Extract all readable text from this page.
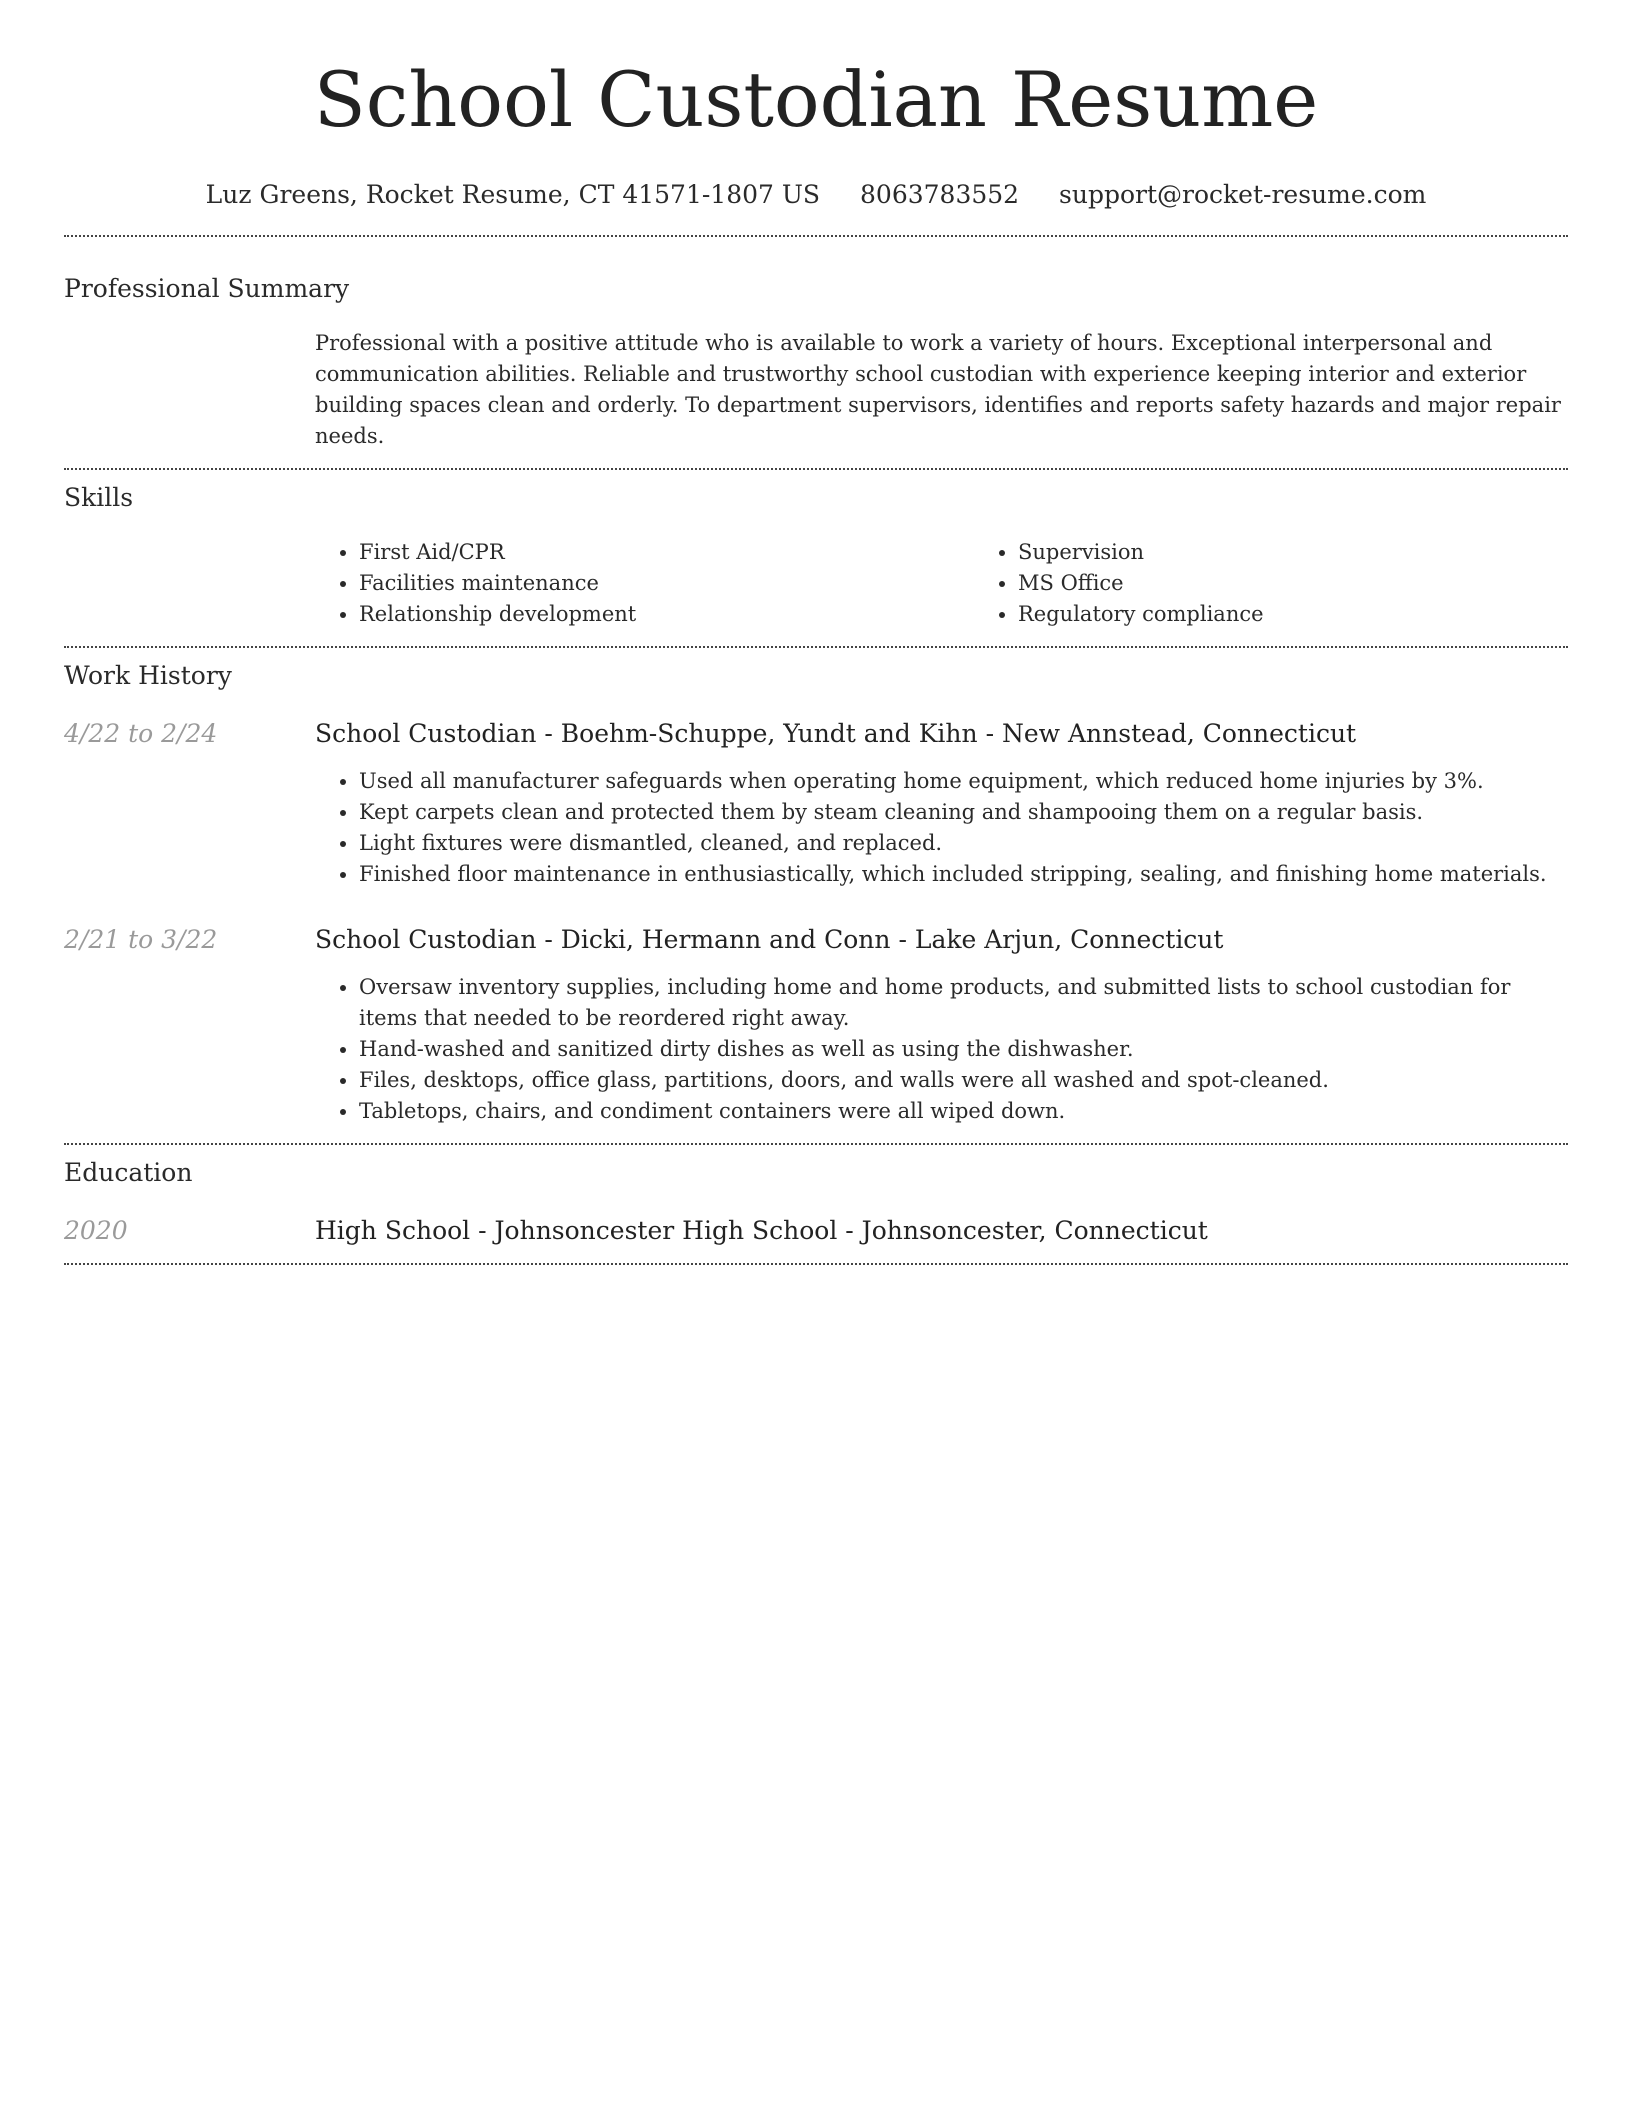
School Custodian Resume
Luz Greens, Rocket Resume, CT 41571-1807 US 8063783552 support@rocket-resume.com
Professional Summary
Professional with a positive attitude who is available to work a variety of hours. Exceptional interpersonal and communication abilities. Reliable and trustworthy school custodian with experience keeping interior and exterior building spaces clean and orderly. To department supervisors, identifies and reports safety hazards and major repair needs.
Skills
• First Aid/CPR
• Facilities maintenance
• Relationship development
• Supervision
• MS Office
• Regulatory compliance
Work History
4/22 to 2/24	School Custodian - Boehm-Schuppe, Yundt and Kihn - New Annstead, Connecticut
• Used all manufacturer safeguards when operating home equipment, which reduced home injuries by 3%.
• Kept carpets clean and protected them by steam cleaning and shampooing them on a regular basis.
• Light fixtures were dismantled, cleaned, and replaced.
• Finished floor maintenance in enthusiastically, which included stripping, sealing, and finishing home materials.
2/21 to 3/22	School Custodian - Dicki, Hermann and Conn - Lake Arjun, Connecticut
• Oversaw inventory supplies, including home and home products, and submitted lists to school custodian for items that needed to be reordered right away.
• Hand-washed and sanitized dirty dishes as well as using the dishwasher.
• Files, desktops, office glass, partitions, doors, and walls were all washed and spot-cleaned.
• Tabletops, chairs, and condiment containers were all wiped down.
Education
2020	High School - Johnsoncester High School - Johnsoncester, Connecticut
